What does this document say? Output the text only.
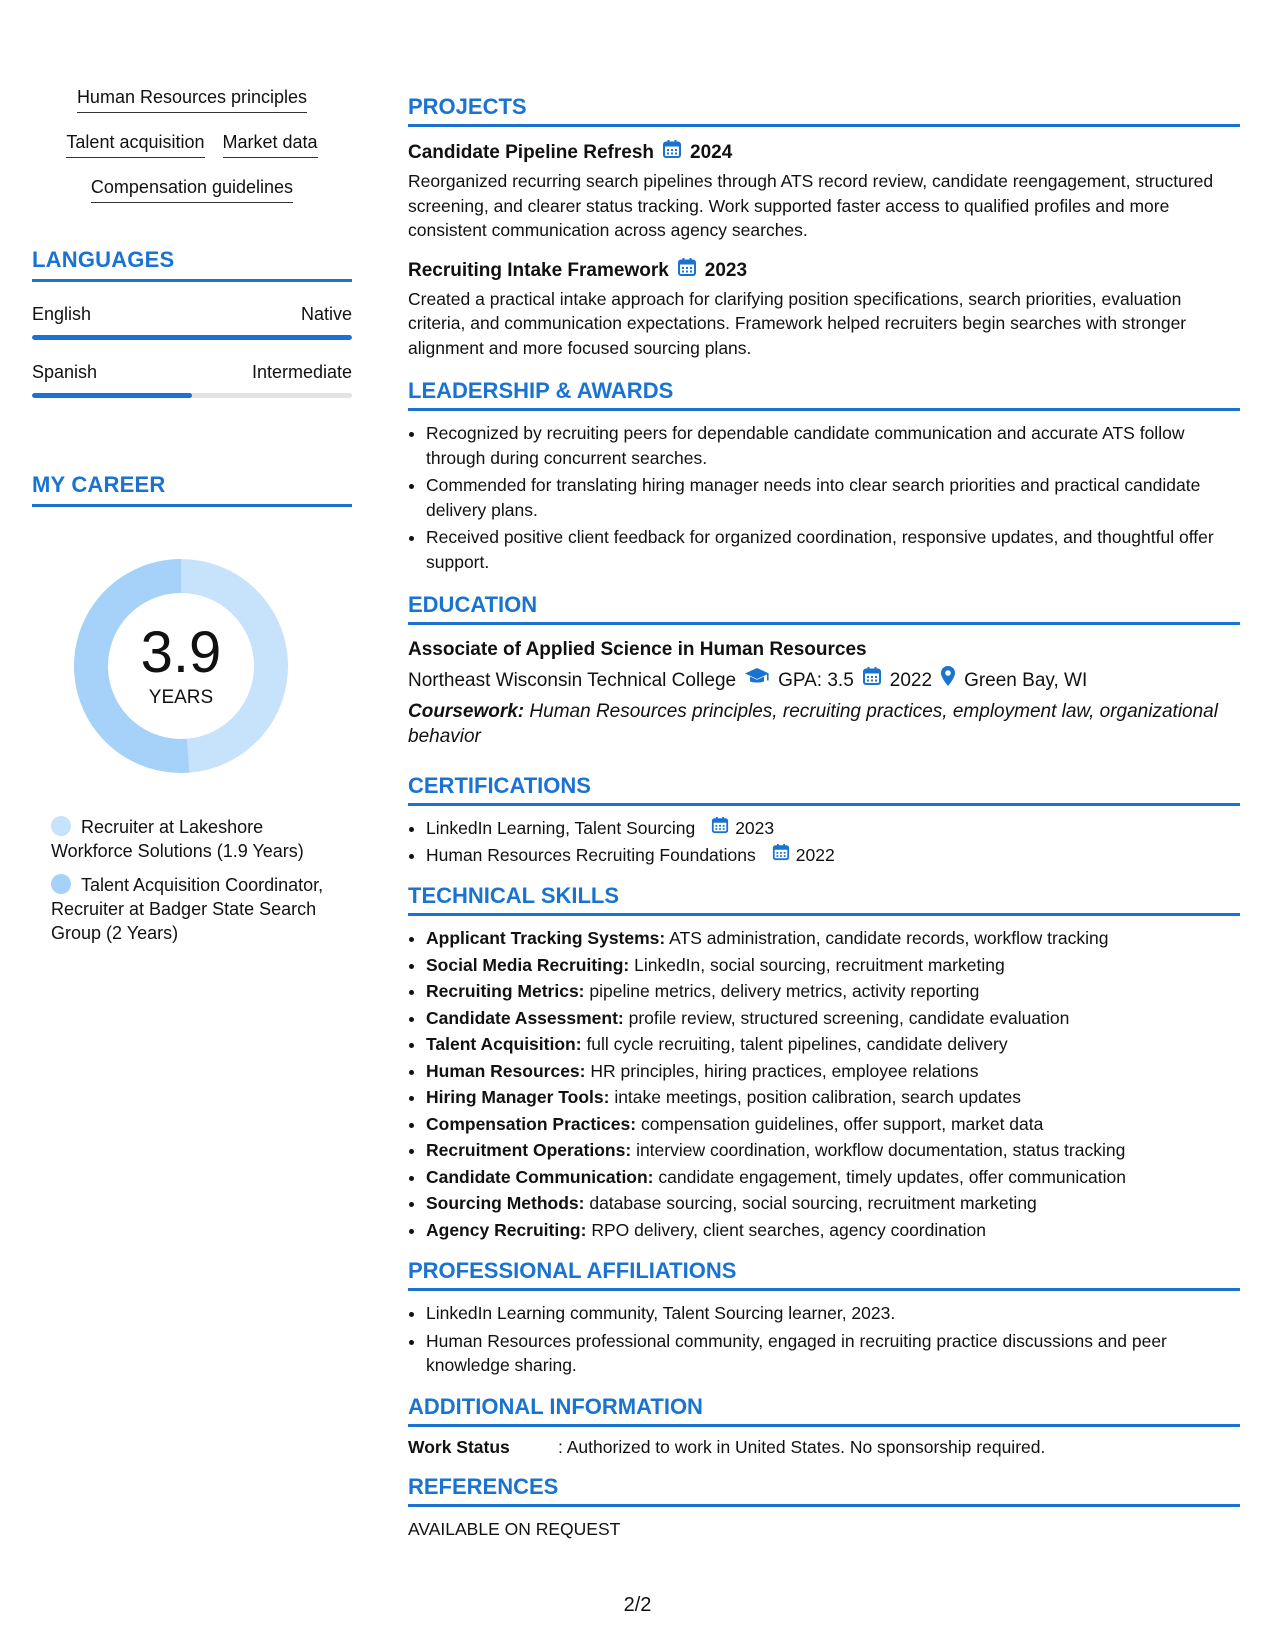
Human Resources principles
Talent acquisition Market data
Compensation guidelines
LANGUAGES
English	Native
Spanish	Intermediate
MY CAREER
3.9
YEARS
Recruiter at Lakeshore Workforce Solutions (1.9 Years)
Talent Acquisition Coordinator, Recruiter at Badger State Search Group (2 Years)
PROJECTS
Candidate Pipeline Refresh 2024
Reorganized recurring search pipelines through ATS record review, candidate reengagement, structured screening, and clearer status tracking. Work supported faster access to qualified profiles and more consistent communication across agency searches.
Recruiting Intake Framework 2023
Created a practical intake approach for clarifying position specifications, search priorities, evaluation criteria, and communication expectations. Framework helped recruiters begin searches with stronger alignment and more focused sourcing plans.
LEADERSHIP & AWARDS
• Recognized by recruiting peers for dependable candidate communication and accurate ATS follow through during concurrent searches.
• Commended for translating hiring manager needs into clear search priorities and practical candidate delivery plans.
• Received positive client feedback for organized coordination, responsive updates, and thoughtful offer support.
EDUCATION
Associate of Applied Science in Human Resources
Northeast Wisconsin Technical College GPA: 3.5 2022 Green Bay, WI
Coursework: Human Resources principles, recruiting practices, employment law, organizational behavior
CERTIFICATIONS
• LinkedIn Learning, Talent Sourcing 2023
• Human Resources Recruiting Foundations 2022
TECHNICAL SKILLS
• Applicant Tracking Systems: ATS administration, candidate records, workflow tracking
• Social Media Recruiting: LinkedIn, social sourcing, recruitment marketing
• Recruiting Metrics: pipeline metrics, delivery metrics, activity reporting
• Candidate Assessment: profile review, structured screening, candidate evaluation
• Talent Acquisition: full cycle recruiting, talent pipelines, candidate delivery
• Human Resources: HR principles, hiring practices, employee relations
• Hiring Manager Tools: intake meetings, position calibration, search updates
• Compensation Practices: compensation guidelines, offer support, market data
• Recruitment Operations: interview coordination, workflow documentation, status tracking
• Candidate Communication: candidate engagement, timely updates, offer communication
• Sourcing Methods: database sourcing, social sourcing, recruitment marketing
• Agency Recruiting: RPO delivery, client searches, agency coordination
PROFESSIONAL AFFILIATIONS
• LinkedIn Learning community, Talent Sourcing learner, 2023.
• Human Resources professional community, engaged in recruiting practice discussions and peer knowledge sharing.
ADDITIONAL INFORMATION
Work Status	: Authorized to work in United States. No sponsorship required.
REFERENCES
AVAILABLE ON REQUEST
2/2
